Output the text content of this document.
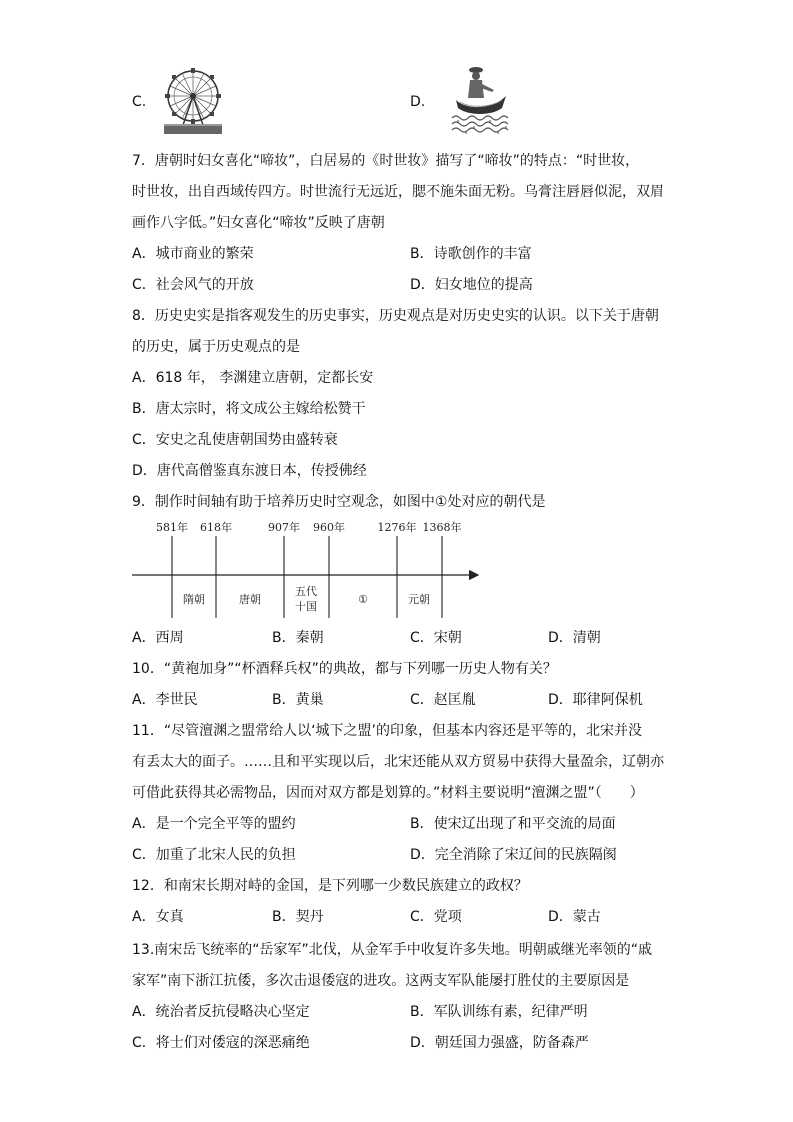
C.	D.
7．唐朝时妇女喜化“啼妆”，白居易的《时世妆》描写了“啼妆”的特点：“时世妆，
时世妆，出自西域传四方。时世流行无远近，腮不施朱面无粉。乌膏注唇唇似泥，双眉
画作八字低。”妇女喜化“啼妆”反映了唐朝
A．城市商业的繁荣	B．诗歌创作的丰富
C．社会风气的开放	D．妇女地位的提高
8．历史史实是指客观发生的历史事实，历史观点是对历史史实的认识。以下关于唐朝
的历史，属于历史观点的是
A．618 年， 李渊建立唐朝，定都长安
B．唐太宗时，将文成公主嫁给松赞干
C．安史之乱使唐朝国势由盛转衰
D．唐代高僧鉴真东渡日本，传授佛经
9．制作时间轴有助于培养历史时空观念，如图中①处对应的朝代是
581年 618年	907年 960年	1276年 1368年
隋朝	唐朝
五代
十国
①	元朝
A．西周	B．秦朝	C．宋朝	D．清朝
10．“黄袍加身”“杯酒释兵权”的典故，都与下列哪一历史人物有关？
A．李世民	B．黄巢	C．赵匡胤	D．耶律阿保机
11．“尽管澶渊之盟常给人以‘城下之盟’的印象，但基本内容还是平等的，北宋并没
有丢太大的面子。……且和平实现以后，北宋还能从双方贸易中获得大量盈余，辽朝亦
可借此获得其必需物品，因而对双方都是划算的。”材料主要说明“澶渊之盟”（　　）
A．是一个完全平等的盟约	B．使宋辽出现了和平交流的局面
C．加重了北宋人民的负担	D．完全消除了宋辽间的民族隔阂
12．和南宋长期对峙的金国，是下列哪一少数民族建立的政权？
A．女真	B．契丹	C．党项	D．蒙古
13.南宋岳飞统率的“岳家军”北伐，从金军手中收复许多失地。明朝戚继光率领的“戚
家军”南下浙江抗倭，多次击退倭寇的进攻。这两支军队能屡打胜仗的主要原因是
A．统治者反抗侵略决心坚定	B．军队训练有素，纪律严明
C．将士们对倭寇的深恶痛绝	D．朝廷国力强盛，防备森严
